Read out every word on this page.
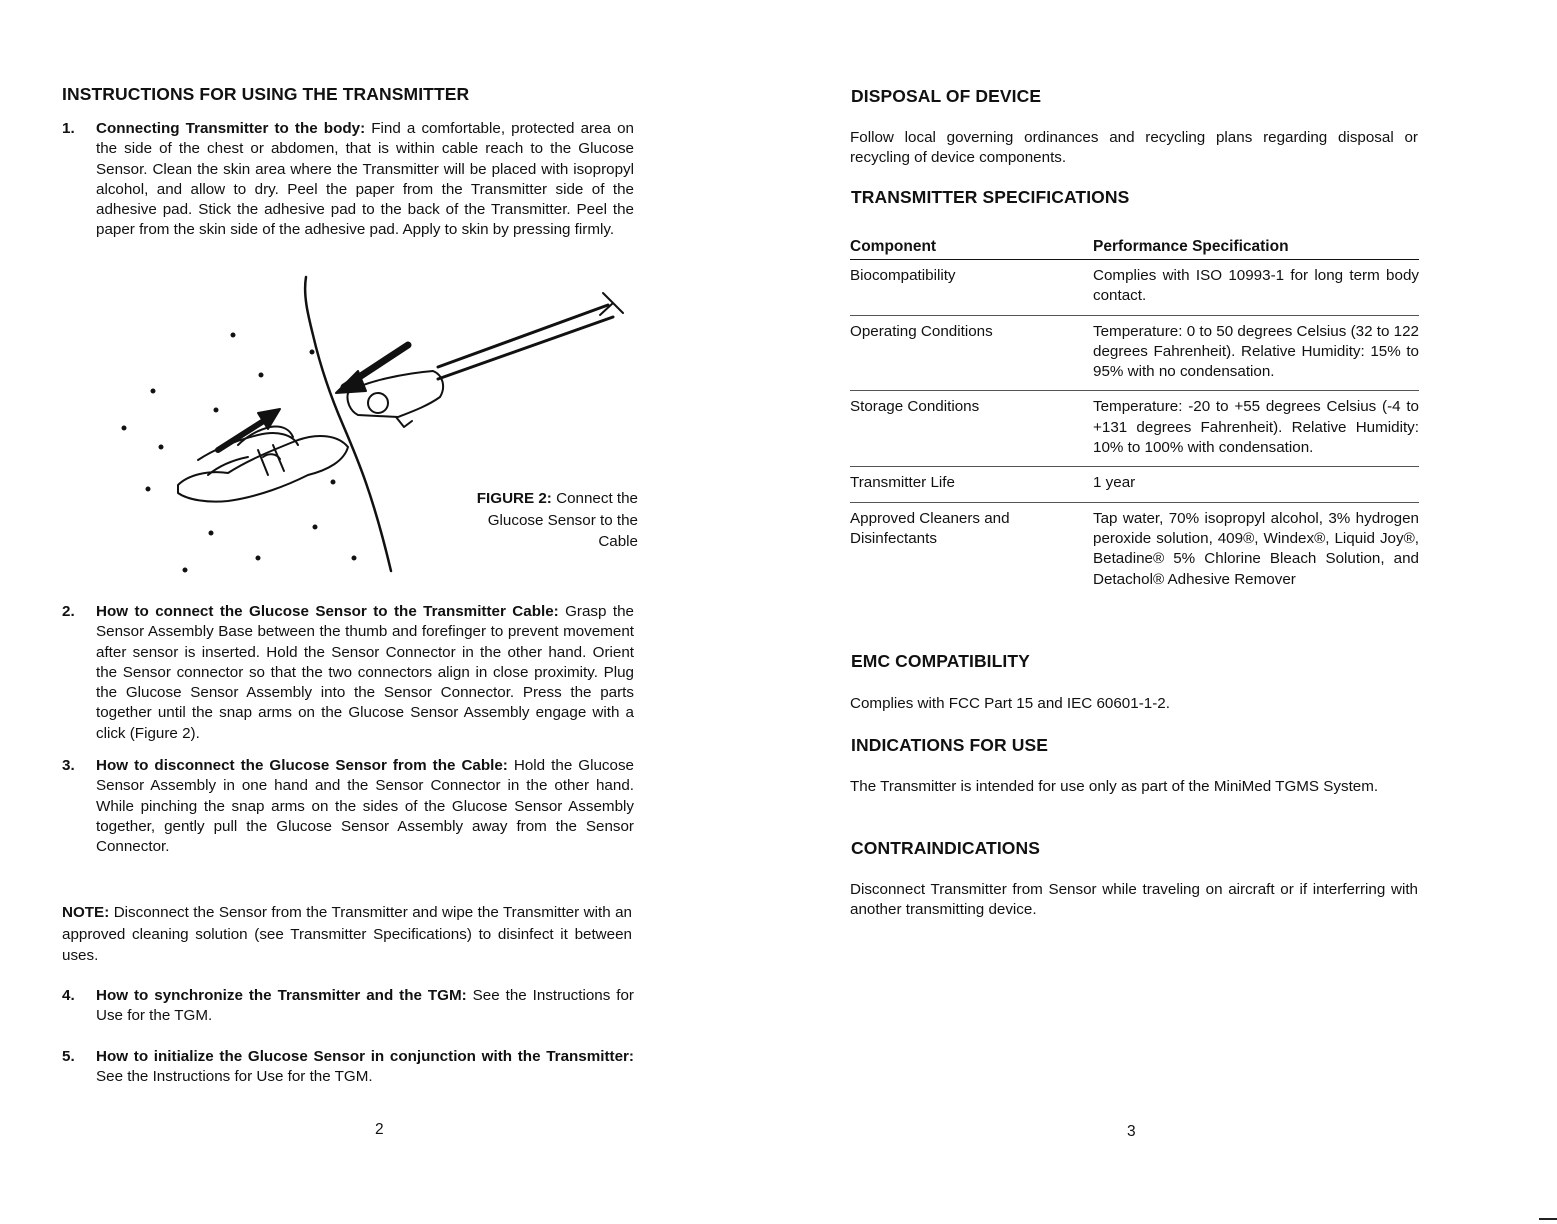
INSTRUCTIONS FOR USING THE TRANSMITTER
1. Connecting Transmitter to the body: Find a comfortable, protected area on the side of the chest or abdomen, that is within cable reach to the Glucose Sensor. Clean the skin area where the Transmitter will be placed with isopropyl alcohol, and allow to dry. Peel the paper from the Transmitter side of the adhesive pad. Stick the adhesive pad to the back of the Transmitter. Peel the paper from the skin side of the adhesive pad. Apply to skin by pressing firmly.
2. How to connect the Glucose Sensor to the Transmitter Cable: Grasp the Sensor Assembly Base between the thumb and forefinger to prevent movement after sensor is inserted. Hold the Sensor Connector in the other hand. Orient the Sensor connector so that the two connectors align in close proximity. Plug the Glucose Sensor Assembly into the Sensor Connector. Press the parts together until the snap arms on the Glucose Sensor Assembly engage with a click (Figure 2).
3. How to disconnect the Glucose Sensor from the Cable: Hold the Glucose Sensor Assembly in one hand and the Sensor Connector in the other hand. While pinching the snap arms on the sides of the Glucose Sensor Assembly together, gently pull the Glucose Sensor Assembly away from the Sensor Connector.

NOTE: Disconnect the Sensor from the Transmitter and wipe the Transmitter with an approved cleaning solution (see Transmitter Specifications) to disinfect it between uses.

4. How to synchronize the Transmitter and the TGM: See the Instructions for Use for the TGM.
5. How to initialize the Glucose Sensor in conjunction with the Transmitter: See the Instructions for Use for the TGM.
2
FIGURE 2: Connect the
Glucose Sensor to the
Cable
DISPOSAL OF DEVICE

Follow local governing ordinances and recycling plans regarding disposal or recycling of device components.

TRANSMITTER SPECIFICATIONS
Component	Performance Specification
Biocompatibility	Complies with ISO 10993-1 for long term body contact.
Operating Conditions	Temperature: 0 to 50 degrees Celsius (32 to 122 degrees Fahrenheit). Relative Humidity: 15% to 95% with no condensation.
Storage Conditions	Temperature: -20 to +55 degrees Celsius (-4 to +131 degrees Fahrenheit). Relative Humidity: 10% to 100% with condensation.
Transmitter Life	1 year
Approved Cleaners and Disinfectants	Tap water, 70% isopropyl alcohol, 3% hydrogen peroxide solution, 409®, Windex®, Liquid Joy®, Betadine® 5% Chlorine Bleach Solution, and Detachol® Adhesive Remover
EMC COMPATIBILITY

Complies with FCC Part 15 and IEC 60601-1-2.

INDICATIONS FOR USE

The Transmitter is intended for use only as part of the MiniMed TGMS System.

CONTRAINDICATIONS

Disconnect Transmitter from Sensor while traveling on aircraft or if interferring with another transmitting device.

3
